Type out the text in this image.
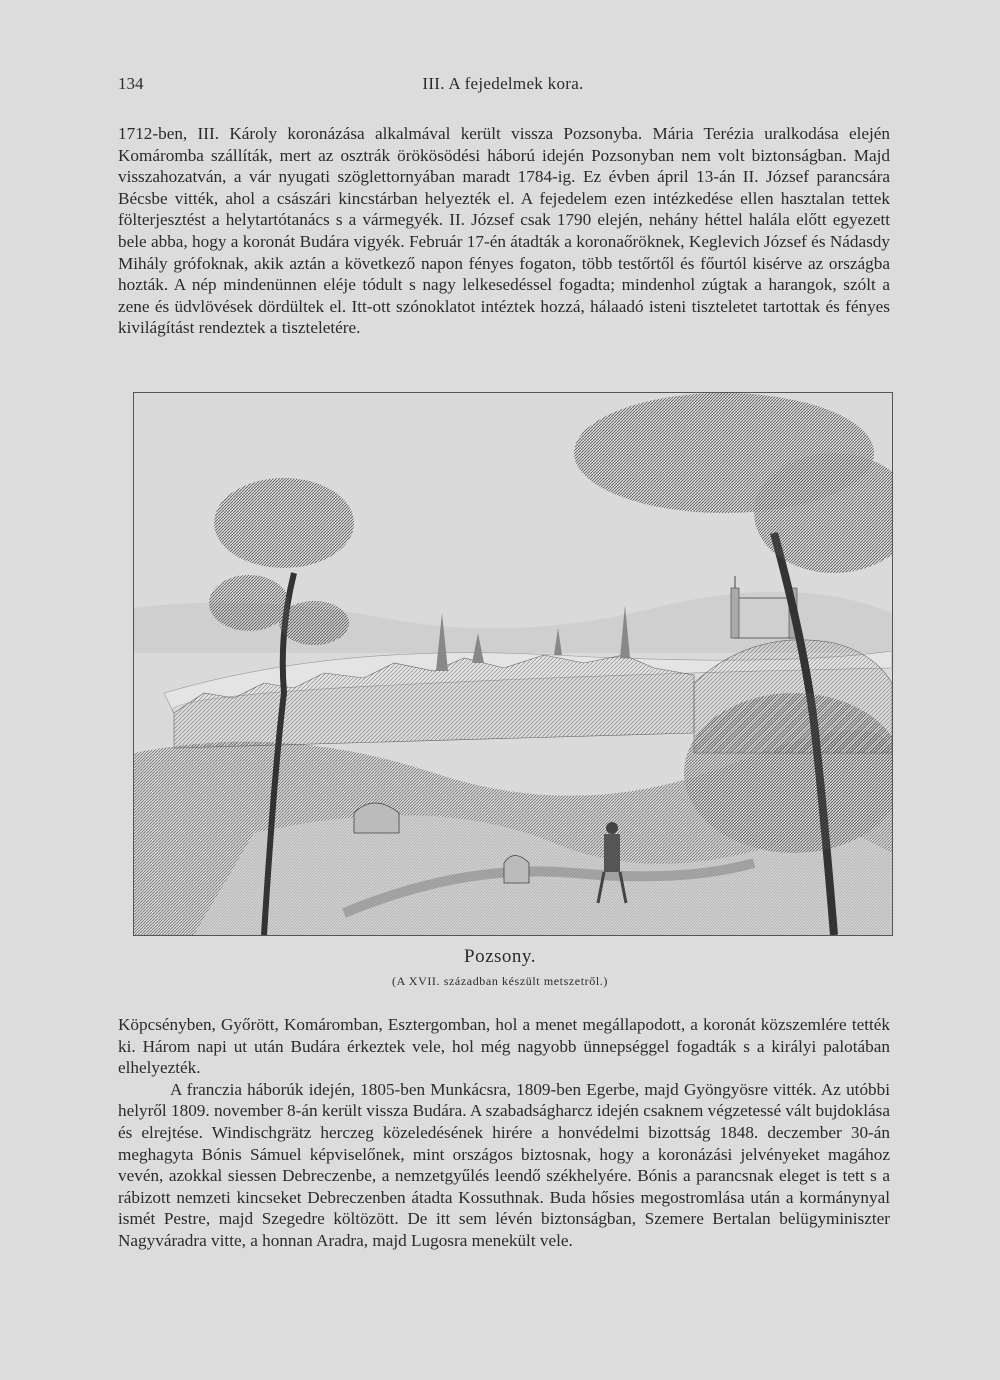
134	III. A fejedelmek kora.

1712-ben, III. Károly koronázása alkalmával került vissza Pozsonyba. Mária Terézia uralkodása elején Komáromba szállíták, mert az osztrák örökösödési háború idején Pozsonyban nem volt biztonságban. Majd visszahozatván, a vár nyugati szöglettornyában maradt 1784-ig. Ez évben ápril 13-án II. József parancsára Bécsbe vitték, ahol a császári kincstárban helyezték el. A fejedelem ezen intézkedése ellen hasztalan tettek fölterjesztést a helytartótanács s a vármegyék. II. József csak 1790 elején, nehány héttel halála előtt egyezett bele abba, hogy a koronát Budára vigyék. Február 17-én átadták a koronaőröknek, Keglevich József és Nádasdy Mihály grófoknak, akik aztán a következő napon fényes fogaton, több testőrtől és főurtól kisérve az országba hozták. A nép mindenünnen eléje tódult s nagy lelkesedéssel fogadta; mindenhol zúgtak a harangok, szólt a zene és üdvlövések dördültek el. Itt-ott szónoklatot intéztek hozzá, hálaadó isteni tiszteletet tartottak és fényes kivilágítást rendeztek a tiszteletére.

Pozsony.
(A XVII. században készült metszetről.)

Köpcsényben, Győrött, Komáromban, Esztergomban, hol a menet megállapodott, a koronát közszemlére tették ki. Három napi ut után Budára érkeztek vele, hol még nagyobb ünnepséggel fogadták s a királyi palotában elhelyezték.

A franczia háborúk idején, 1805-ben Munkácsra, 1809-ben Egerbe, majd Gyöngyösre vitték. Az utóbbi helyről 1809. november 8-án került vissza Budára. A szabadságharcz idején csaknem végzetessé vált bujdoklása és elrejtése. Windischgrätz herczeg közeledésének hirére a honvédelmi bizottság 1848. deczember 30-án meghagyta Bónis Sámuel képviselőnek, mint országos biztosnak, hogy a koronázási jelvényeket magához vevén, azokkal siessen Debreczenbe, a nemzetgyűlés leendő székhelyére. Bónis a parancsnak eleget is tett s a rábizott nemzeti kincseket Debreczenben átadta Kossuthnak. Buda hősies megostromlása után a kormánynyal ismét Pestre, majd Szegedre költözött. De itt sem lévén biztonságban, Szemere Bertalan belügyminiszter Nagyváradra vitte, a honnan Aradra, majd Lugosra menekült vele.
